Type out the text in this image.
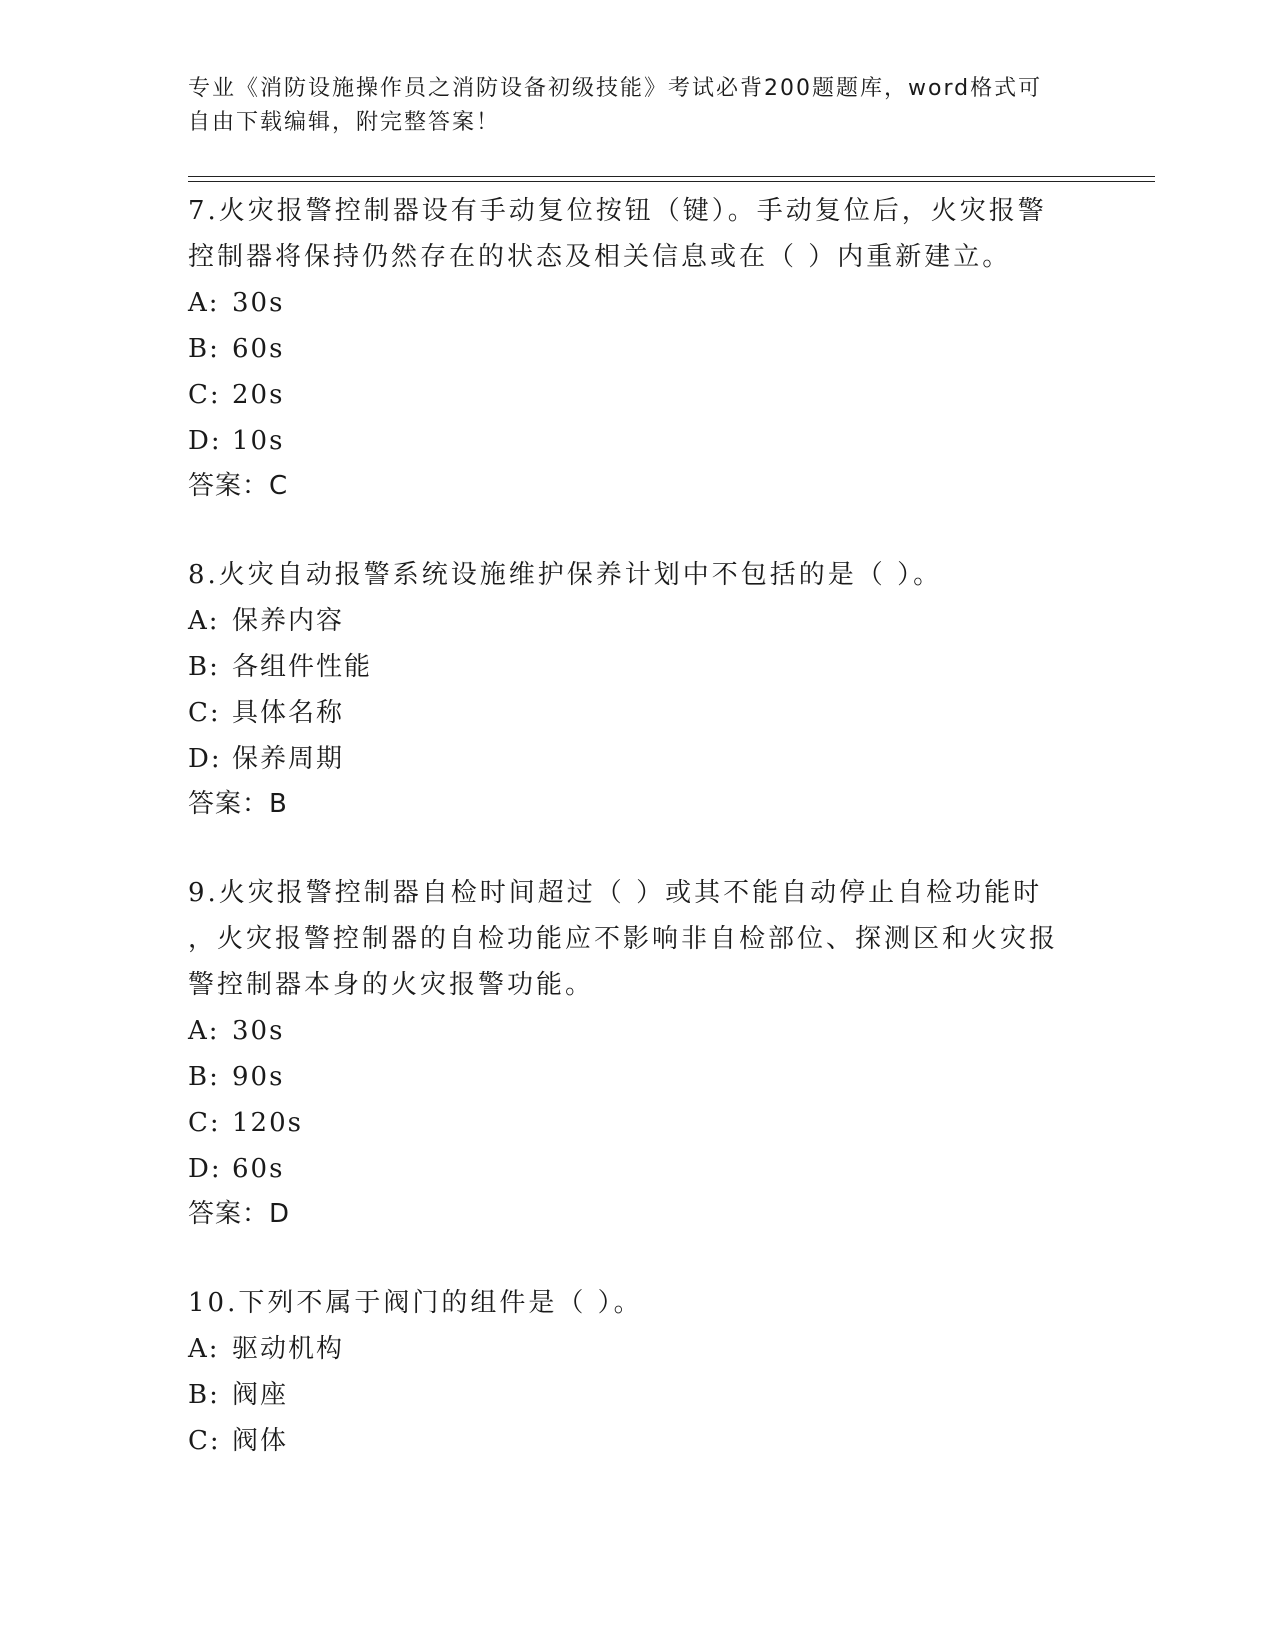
专业《消防设施操作员之消防设备初级技能》考试必背200题题库，word格式可
自由下载编辑，附完整答案！
7.火灾报警控制器设有手动复位按钮（键）。手动复位后，火灾报警
控制器将保持仍然存在的状态及相关信息或在（ ）内重新建立。
A: 30s
B: 60s
C: 20s
D: 10s
答案：C
8.火灾自动报警系统设施维护保养计划中不包括的是（ ）。
A: 保养内容
B: 各组件性能
C: 具体名称
D: 保养周期
答案：B
9.火灾报警控制器自检时间超过（ ）或其不能自动停止自检功能时
，火灾报警控制器的自检功能应不影响非自检部位、探测区和火灾报
警控制器本身的火灾报警功能。
A: 30s
B: 90s
C: 120s
D: 60s
答案：D
10.下列不属于阀门的组件是（ ）。
A: 驱动机构
B: 阀座
C: 阀体
